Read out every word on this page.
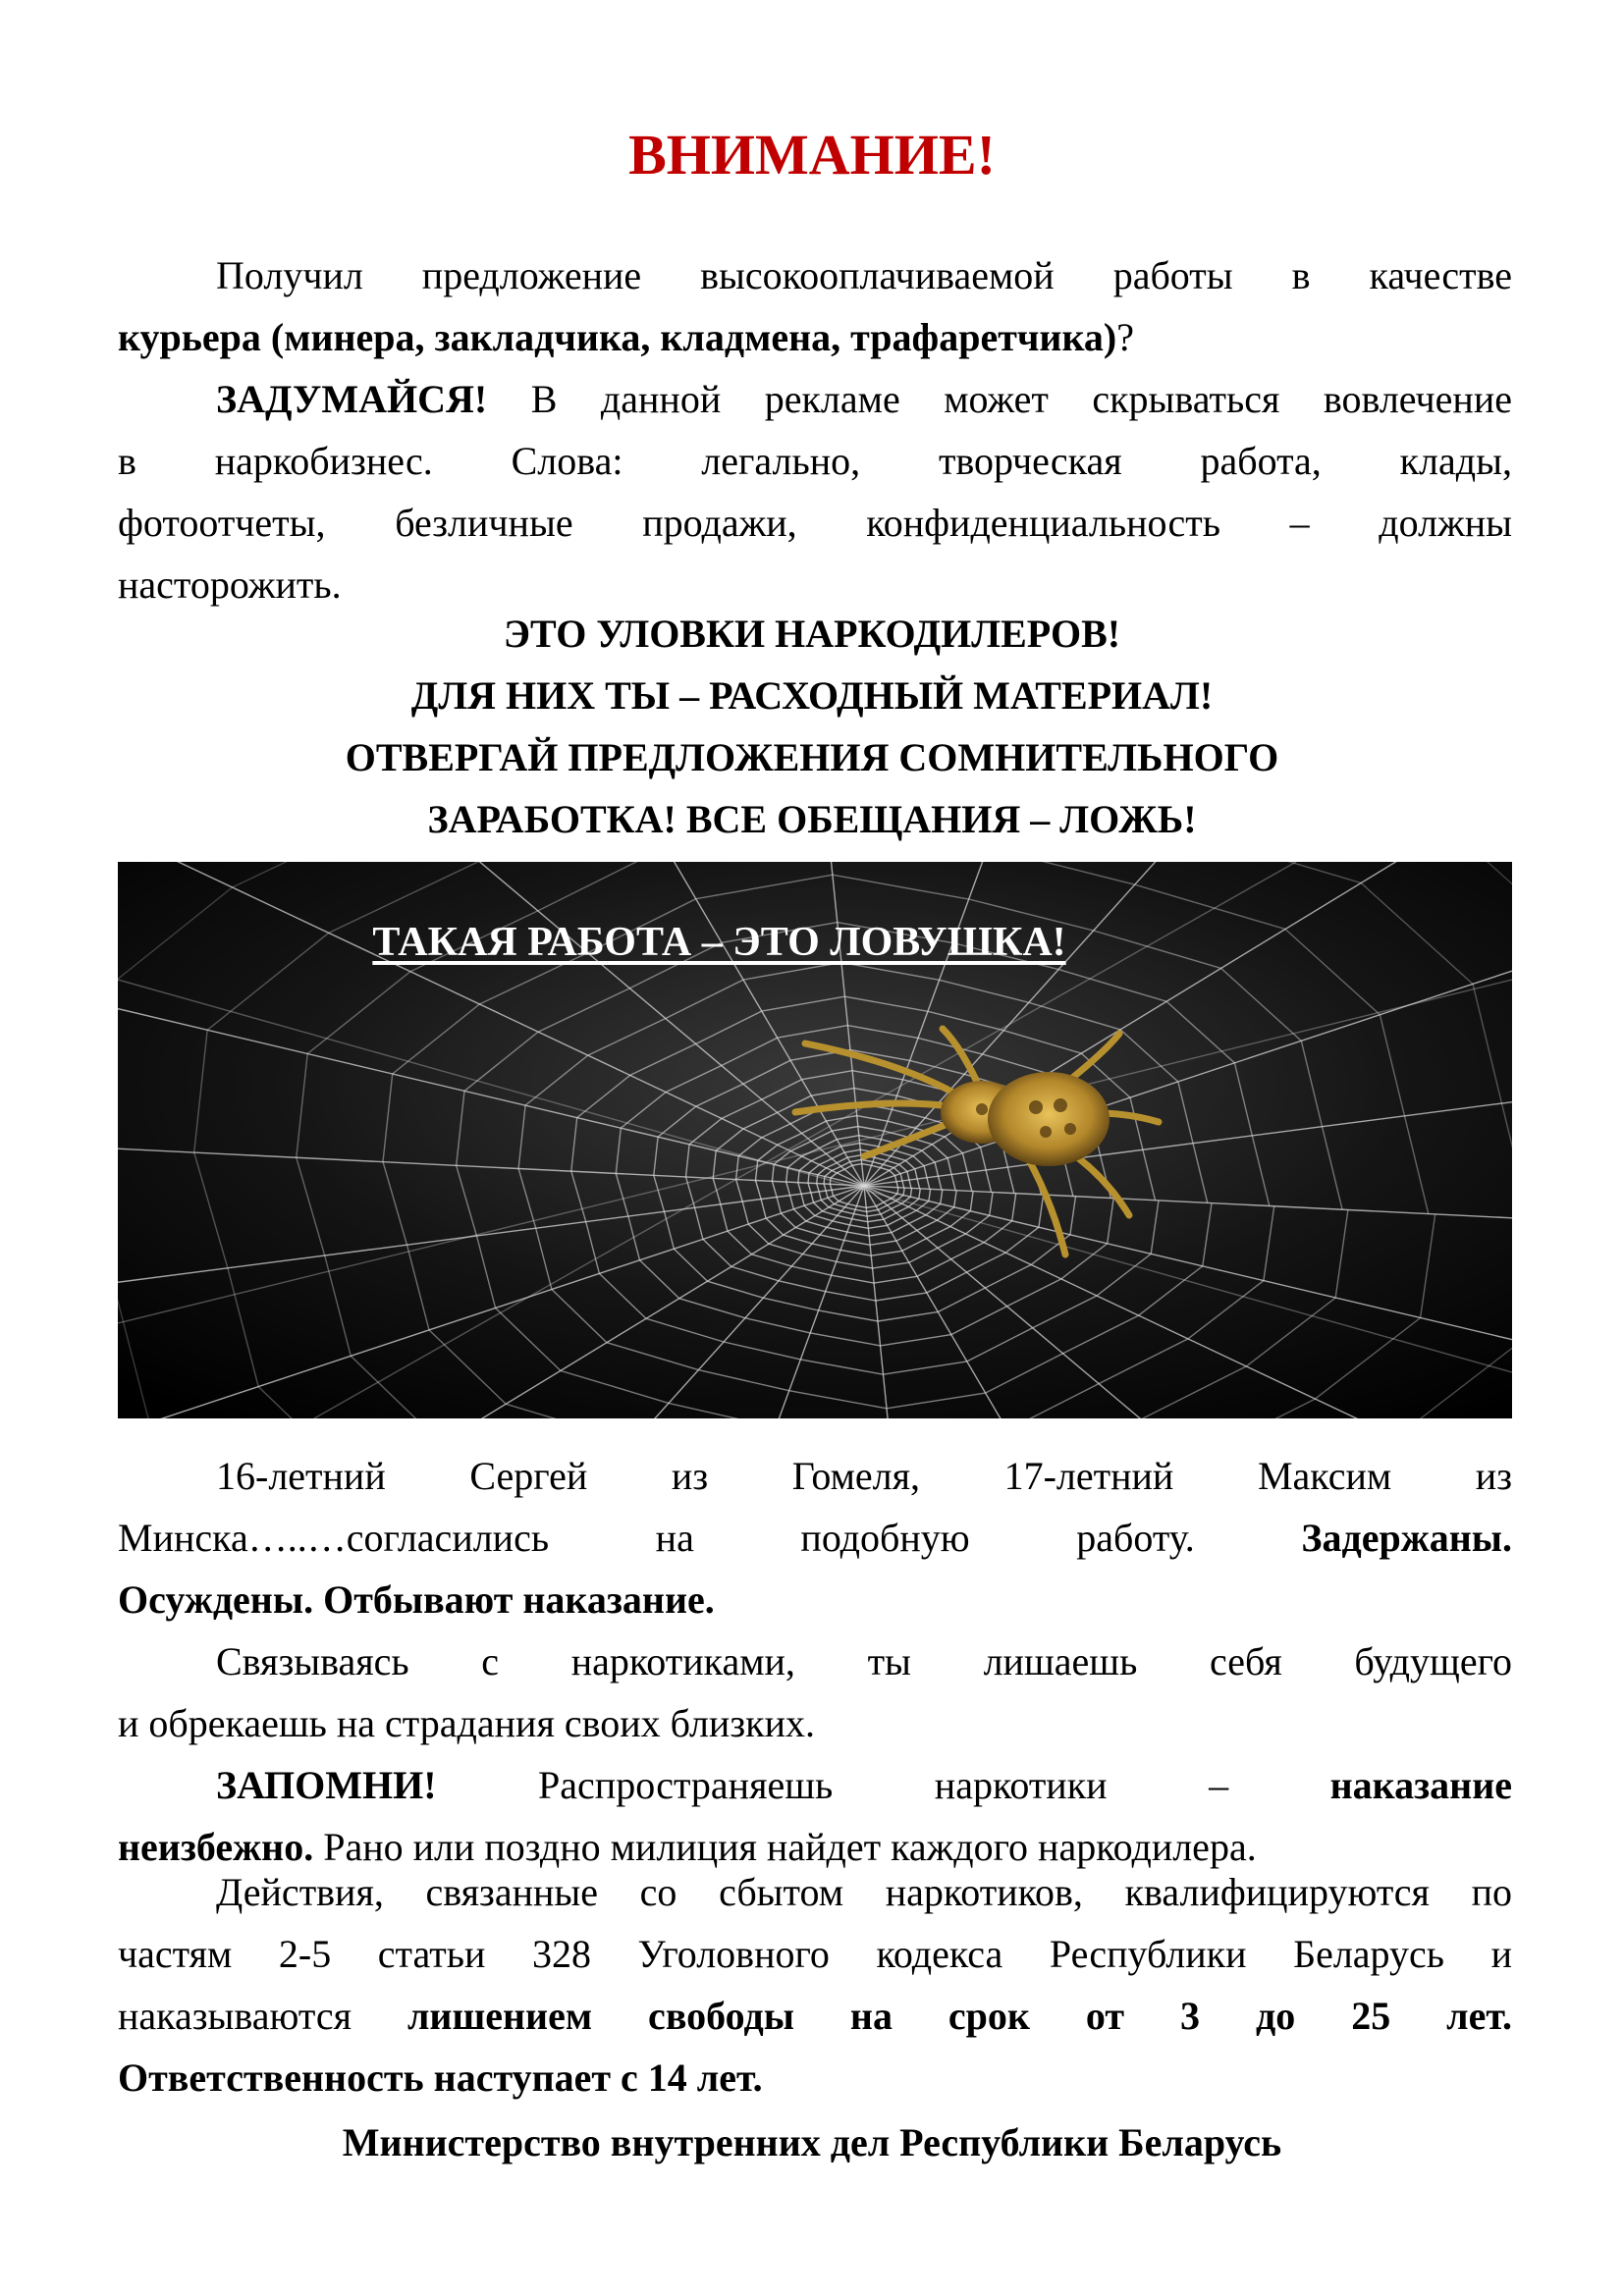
ВНИМАНИЕ!
Получил предложение высокооплачиваемой работы в качестве
курьера (минера, закладчика, кладмена, трафаретчика)?
ЗАДУМАЙСЯ! В данной рекламе может скрываться вовлечение
в наркобизнес. Слова: легально, творческая работа, клады,
фотоотчеты, безличные продажи, конфиденциальность – должны
насторожить.
ЭТО УЛОВКИ НАРКОДИЛЕРОВ!
ДЛЯ НИХ ТЫ – РАСХОДНЫЙ МАТЕРИАЛ!
ОТВЕРГАЙ ПРЕДЛОЖЕНИЯ СОМНИТЕЛЬНОГО
ЗАРАБОТКА! ВСЕ ОБЕЩАНИЯ – ЛОЖЬ!
ТАКАЯ РАБОТА – ЭТО ЛОВУШКА!
16-летний Сергей из Гомеля, 17-летний Максим из
Минска…..…согласились на подобную работу.	Задержаны.
Осуждены. Отбывают наказание.
Связываясь с наркотиками, ты лишаешь себя будущего
и обрекаешь на страдания своих близких.
ЗАПОМНИ!	Распространяешь наркотики –	наказание
неизбежно. Рано или поздно милиция найдет каждого наркодилера.
Действия, связанные со сбытом наркотиков, квалифицируются по
частям 2-5 статьи 328 Уголовного кодекса Республики Беларусь и
наказываются лишением свободы на срок от 3 до 25 лет.
Ответственность наступает с 14 лет.
Министерство внутренних дел Республики Беларусь
